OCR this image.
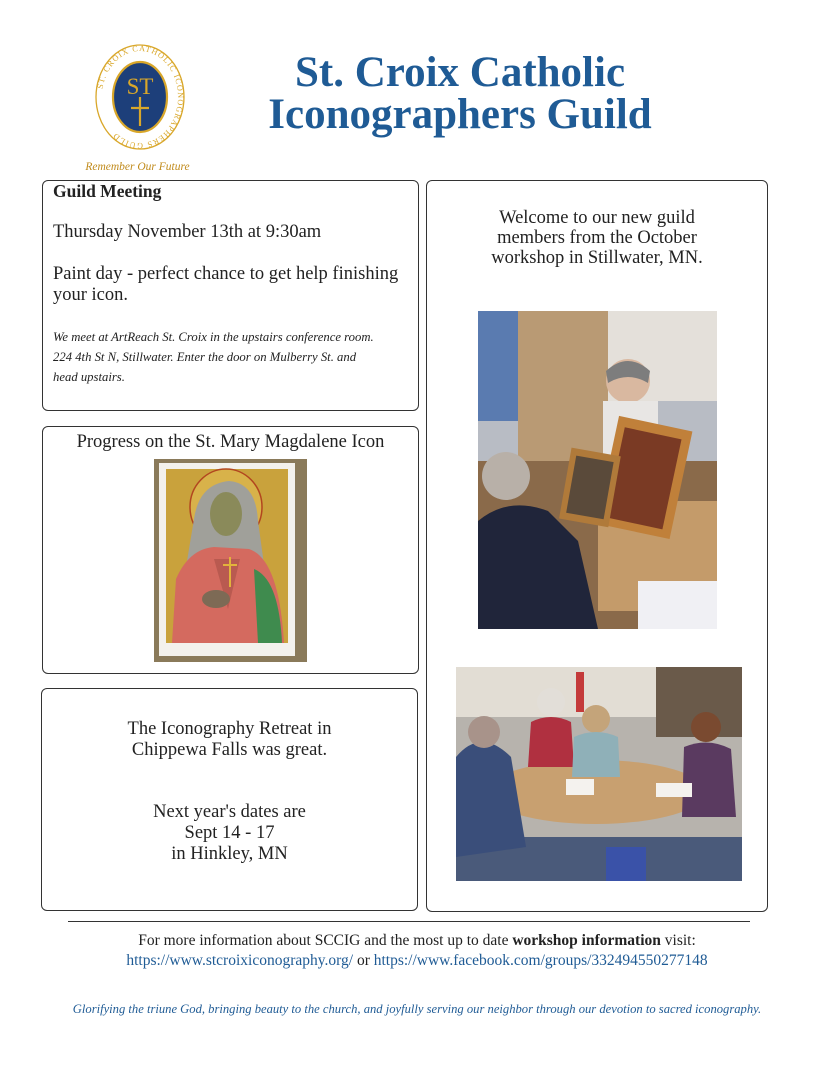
ST. CROIX CATHOLIC ICONOGRAPHERS GUILD
ST
Remember Our Future
St. Croix Catholic
Iconographers Guild
Guild Meeting
Thursday November 13th at 9:30am
Paint day - perfect chance to get help finishing your icon.
We meet at ArtReach St. Croix in the upstairs conference room.
224 4th St N, Stillwater. Enter the door on Mulberry St. and
head upstairs.
Progress on the St. Mary Magdalene Icon
The Iconography Retreat in
Chippewa Falls was great.
Next year's dates are
Sept 14 - 17
in Hinkley, MN
Welcome to our new guild
members from the October
workshop in Stillwater, MN.
For more information about SCCIG and the most up to date workshop information visit:
https://www.stcroixiconography.org/ or https://www.facebook.com/groups/332494550277148
Glorifying the triune God, bringing beauty to the church, and joyfully serving our neighbor through our devotion to sacred iconography.
